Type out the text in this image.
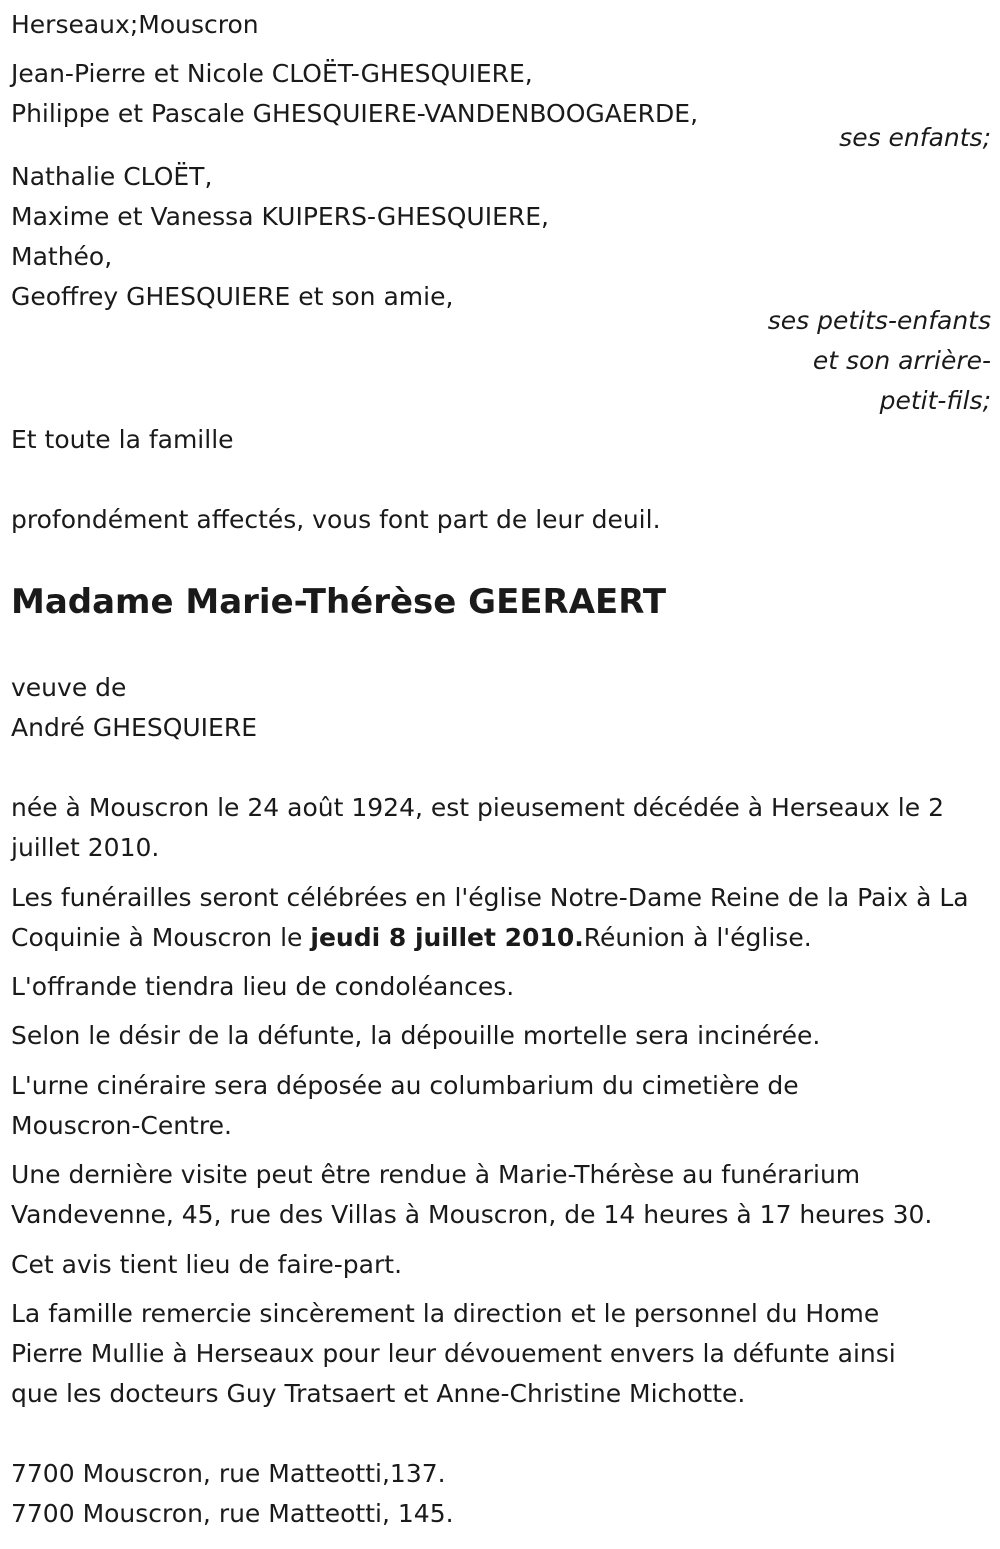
Herseaux;Mouscron
Jean-Pierre et Nicole CLOËT-GHESQUIERE,
Philippe et Pascale GHESQUIERE-VANDENBOOGAERDE,
ses enfants;
Nathalie CLOËT,
Maxime et Vanessa KUIPERS-GHESQUIERE,
Mathéo,
Geoffrey GHESQUIERE et son amie,
ses petits-enfants
et son arrière-
petit-fils;
Et toute la famille
profondément affectés, vous font part de leur deuil.
Madame Marie-Thérèse GEERAERT
veuve de
André GHESQUIERE
née à Mouscron le 24 août 1924, est pieusement décédée à Herseaux le 2 juillet 2010.
Les funérailles seront célébrées en l'église Notre-Dame Reine de la Paix à La Coquinie à Mouscron le jeudi 8 juillet 2010.Réunion à l'église.
L'offrande tiendra lieu de condoléances.
Selon le désir de la défunte, la dépouille mortelle sera incinérée.
L'urne cinéraire sera déposée au columbarium du cimetière de
Mouscron-Centre.
Une dernière visite peut être rendue à Marie-Thérèse au funérarium
Vandevenne, 45, rue des Villas à Mouscron, de 14 heures à 17 heures 30.
Cet avis tient lieu de faire-part.
La famille remercie sincèrement la direction et le personnel du Home
Pierre Mullie à Herseaux pour leur dévouement envers la défunte ainsi
que les docteurs Guy Tratsaert et Anne-Christine Michotte.
7700 Mouscron, rue Matteotti,137.
7700 Mouscron, rue Matteotti, 145.
